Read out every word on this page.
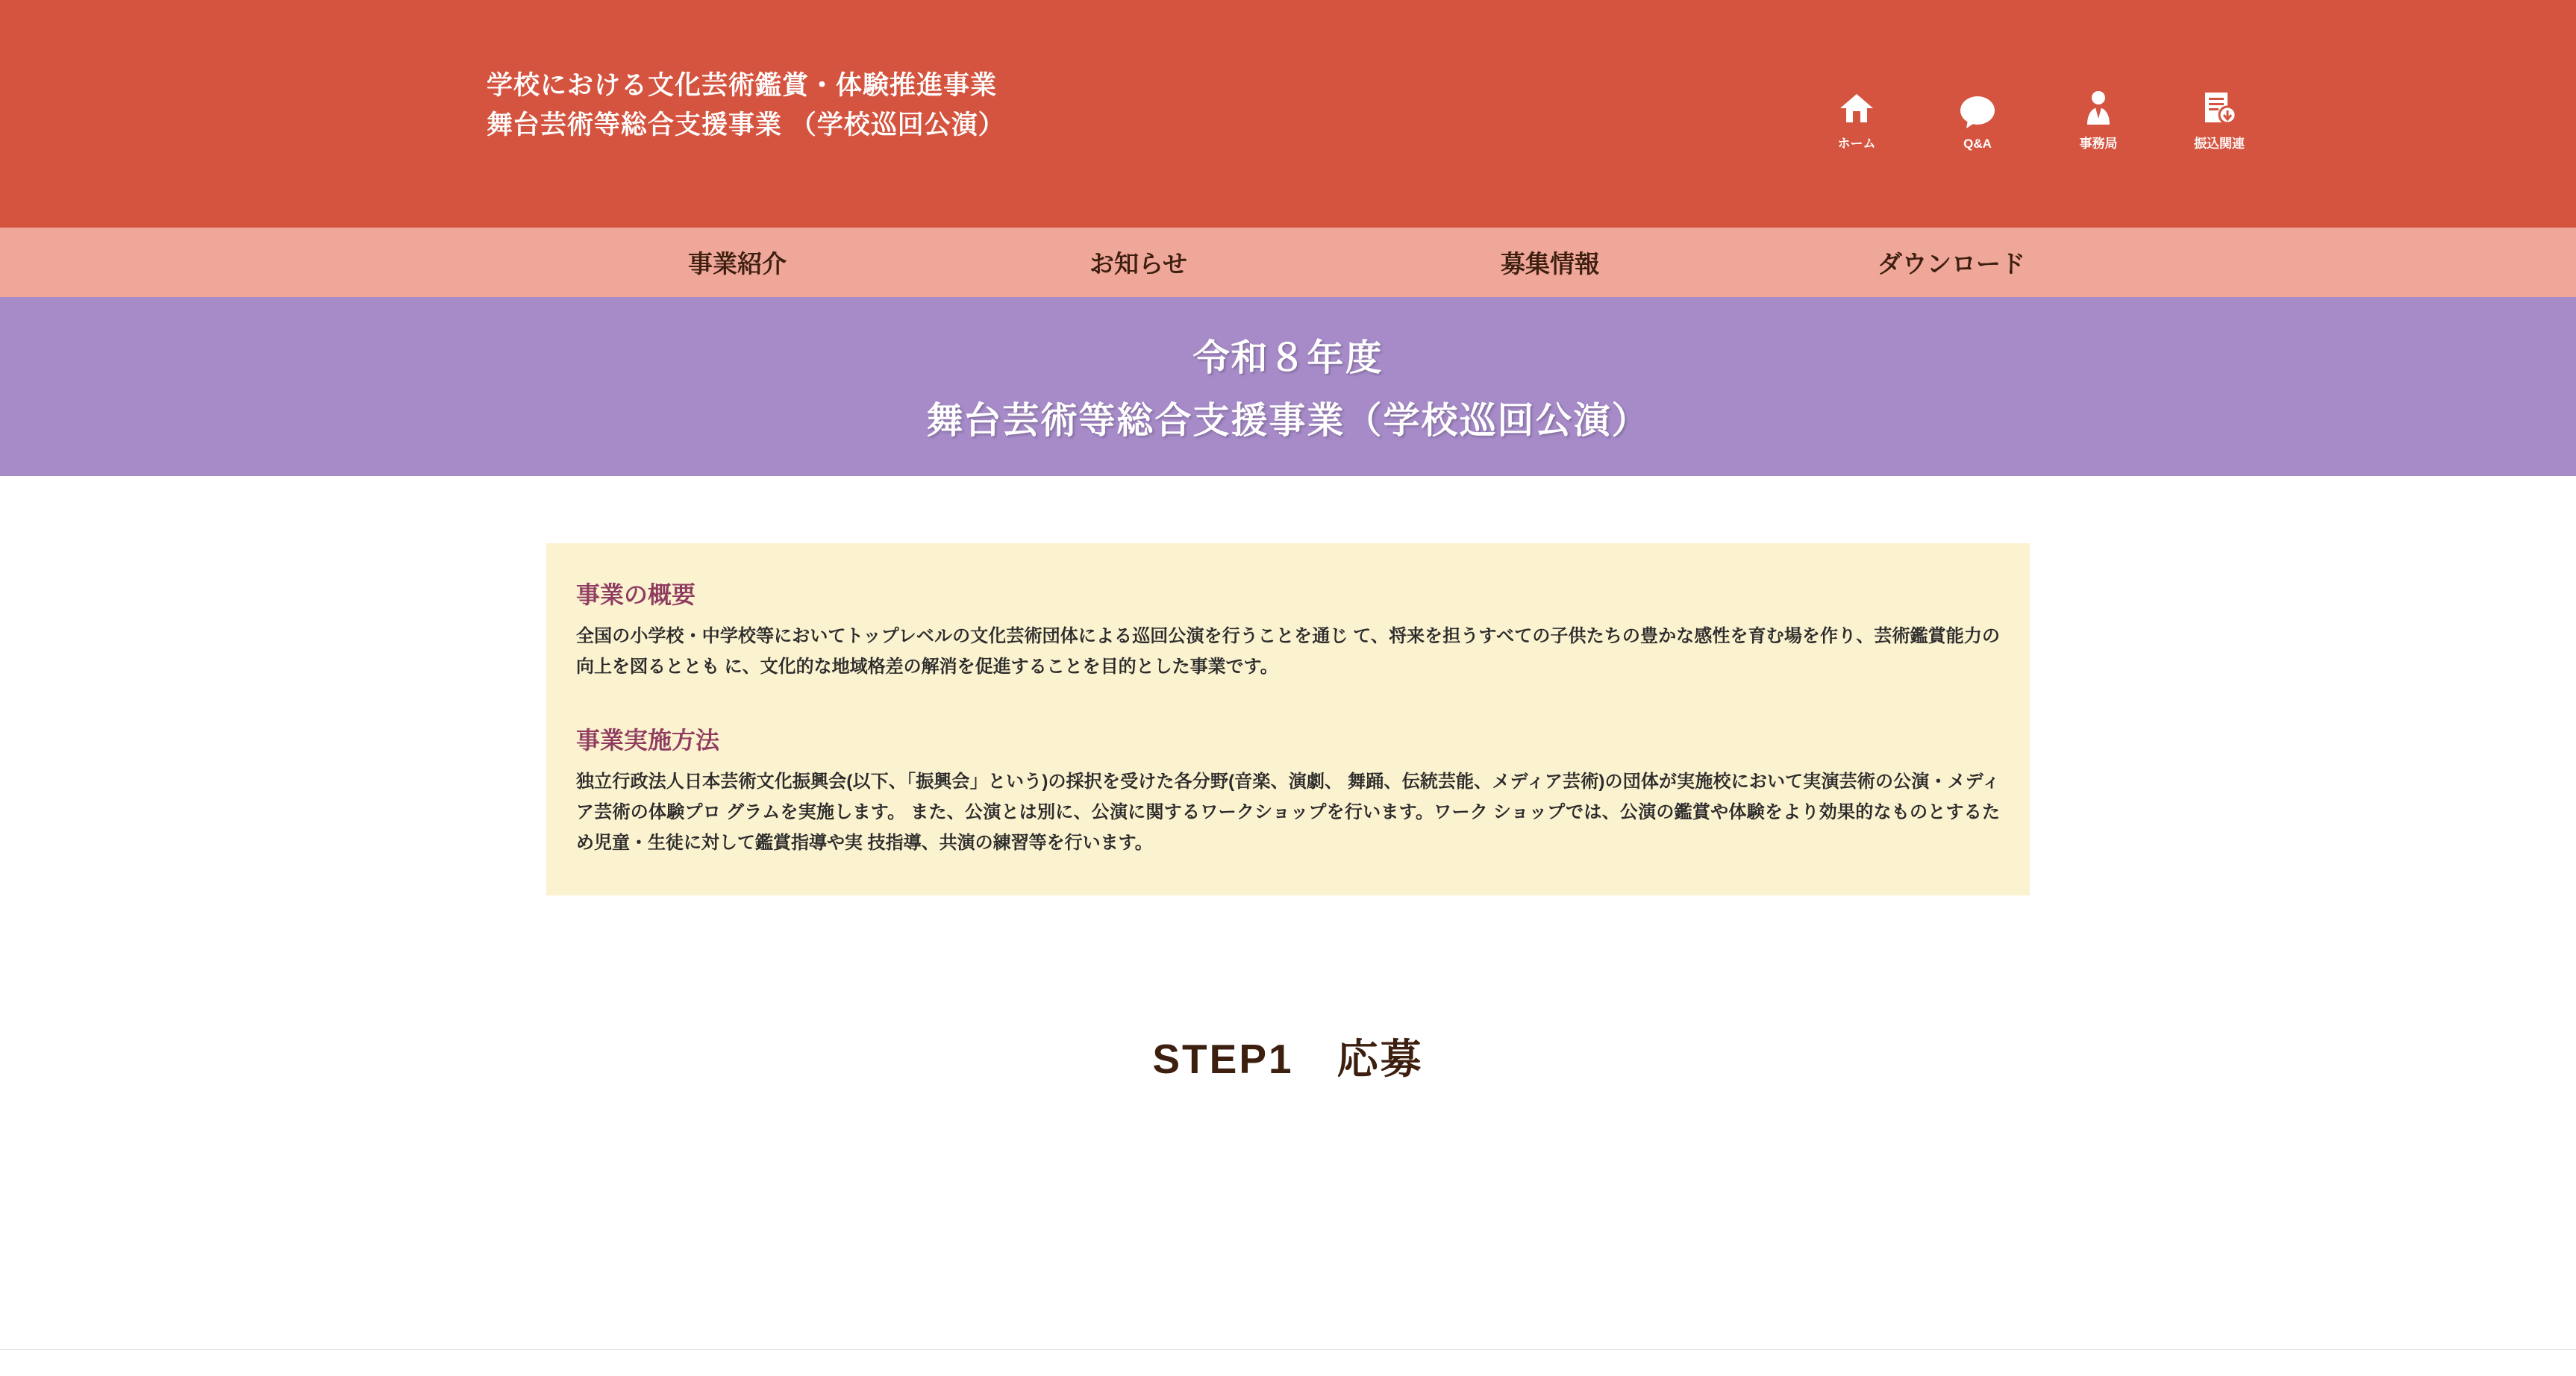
学校における文化芸術鑑賞・体験推進事業
舞台芸術等総合支援事業 （学校巡回公演）
ホーム	Q&A	事務局	振込関連
事業紹介	お知らせ	募集情報	ダウンロード
令和８年度
舞台芸術等総合支援事業（学校巡回公演）
事業の概要
全国の小学校・中学校等においてトップレベルの文化芸術団体による巡回公演を行うことを通じ て、将来を担うすべての子供たちの豊かな感性を育む場を作り、芸術鑑賞能力の向上を図るととも に、文化的な地域格差の解消を促進することを目的とした事業です。
事業実施方法
独立行政法人日本芸術文化振興会(以下、「振興会」という)の採択を受けた各分野(音楽、演劇、 舞踊、伝統芸能、メディア芸術)の団体が実施校において実演芸術の公演・メディア芸術の体験プロ グラムを実施します。 また、公演とは別に、公演に関するワークショップを行います。ワーク ショップでは、公演の鑑賞や体験をより効果的なものとするため児童・生徒に対して鑑賞指導や実 技指導、共演の練習等を行います。
STEP1　応募
